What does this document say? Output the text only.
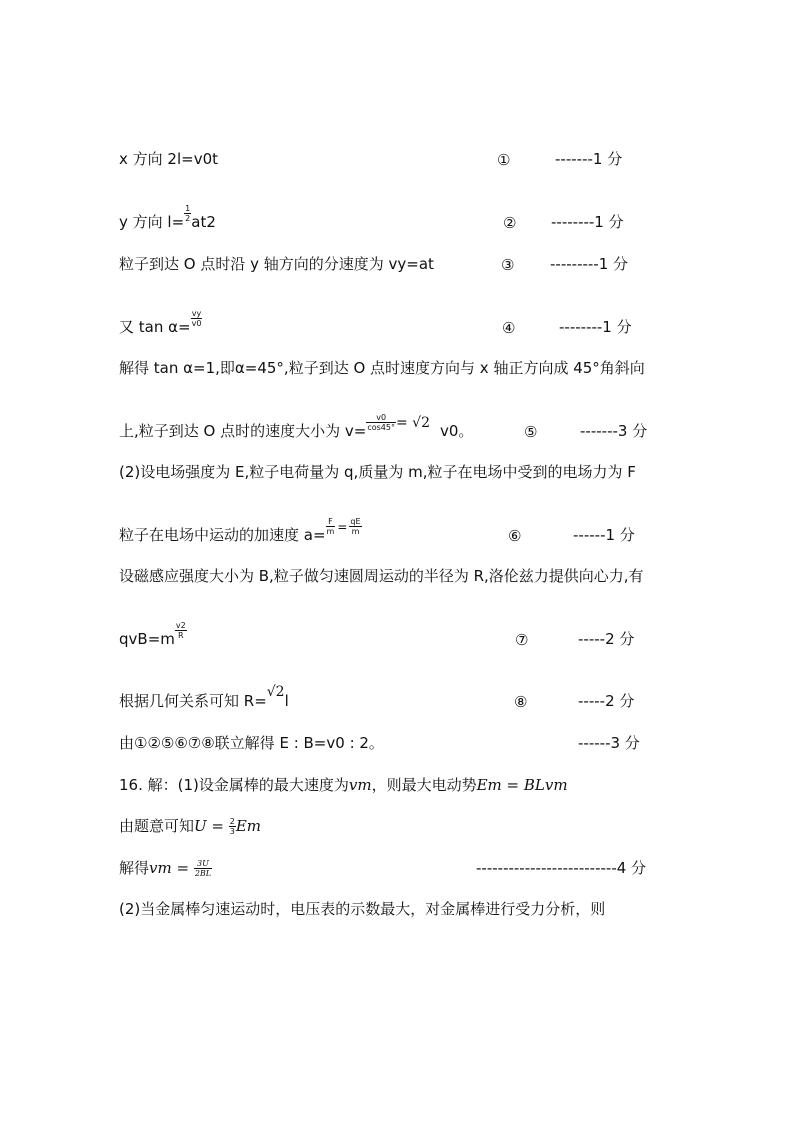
x 方向 2l=v0t	①	-------1 分
y 方向 $l= \frac{1}{2} at2$	② --------1 分
粒子到达 O 点时沿 y 轴方向的分速度为 vy=at	③ ---------1 分
又 $\tan \alpha= \frac{vy}{v0}$	④	--------1 分
解得 tan α=1,即α=45°,粒子到达 O 点时速度方向与 x 轴正方向成 45°角斜向
上,粒子到达 O 点时的速度大小为 $v= \frac{v0}{\cos 45^\circ} = √2$ v0。	⑤	-------3 分
(2)设电场强度为 E,粒子电荷量为 q,质量为 m,粒子在电场中受到的电场力为 F
粒子在电场中运动的加速度 $a= \frac{F}{m} ^= \frac{qE}{m}$	⑥	------1 分
设磁感应强度大小为 B,粒子做匀速圆周运动的半径为 R,洛伦兹力提供向心力,有
$qvB=m \frac{v2}{R}$	⑦	-----2 分
根据几何关系可知 R=√2l	⑧	-----2 分
由①②⑤⑥⑦⑧联立解得 E : B=v0 : 2。	------3 分
16. 解：(1)设金属棒的最大速度为vm，则最大电动势Em = BLvm
由题意可知$U = \frac{2}{3}$ Em
解得vm = $\frac{3U}{2BL}$	--------------------------4 分
(2)当金属棒匀速运动时，电压表的示数最大，对金属棒进行受力分析，则
